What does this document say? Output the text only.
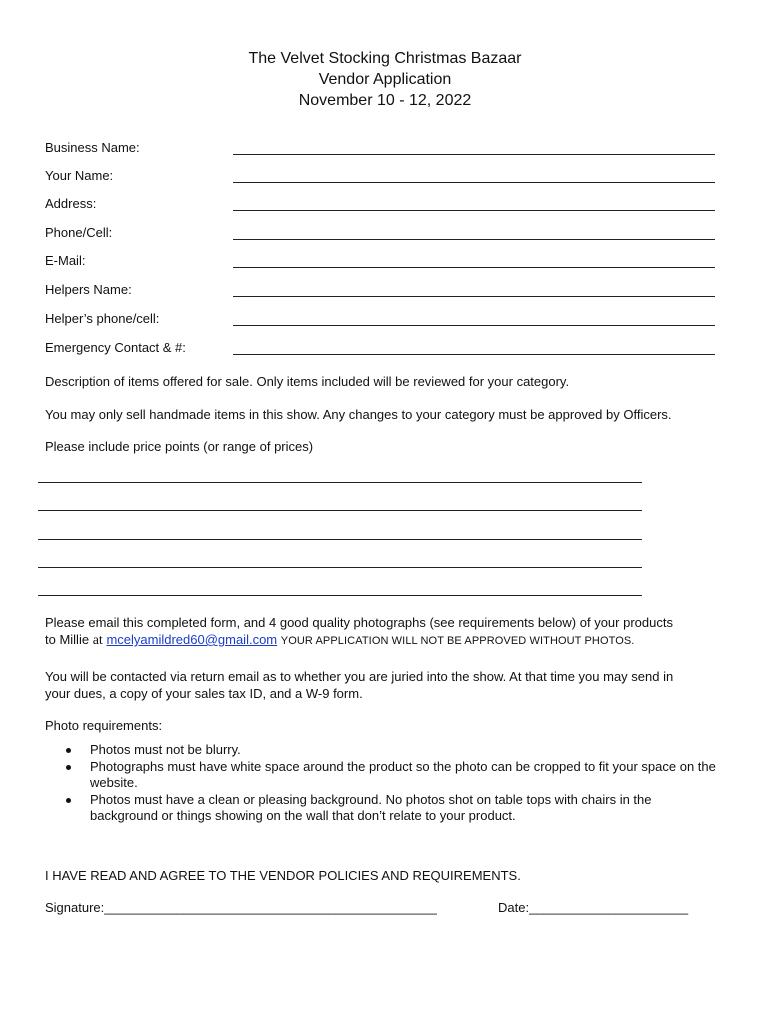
The Velvet Stocking Christmas Bazaar
Vendor Application
November 10 - 12, 2022
Business Name:
Your Name:
Address:
Phone/Cell:
E-Mail:
Helpers Name:
Helper’s phone/cell:
Emergency Contact & #:
Description of items offered for sale. Only items included will be reviewed for your category.
You may only sell handmade items in this show. Any changes to your category must be approved by Officers.
Please include price points (or range of prices)
Please email this completed form, and 4 good quality photographs (see requirements below) of your products
to Millie at mcelyamildred60@gmail.com YOUR APPLICATION WILL NOT BE APPROVED WITHOUT PHOTOS.
You will be contacted via return email as to whether you are juried into the show. At that time you may send in
your dues, a copy of your sales tax ID, and a W-9 form.
Photo requirements:
Photos must not be blurry.
Photographs must have white space around the product so the photo can be cropped to fit your space on the website.
Photos must have a clean or pleasing background. No photos shot on table tops with chairs in the background or things showing on the wall that don’t relate to your product.
I HAVE READ AND AGREE TO THE VENDOR POLICIES AND REQUIREMENTS.
Signature:______________________________________________	Date:______________________
